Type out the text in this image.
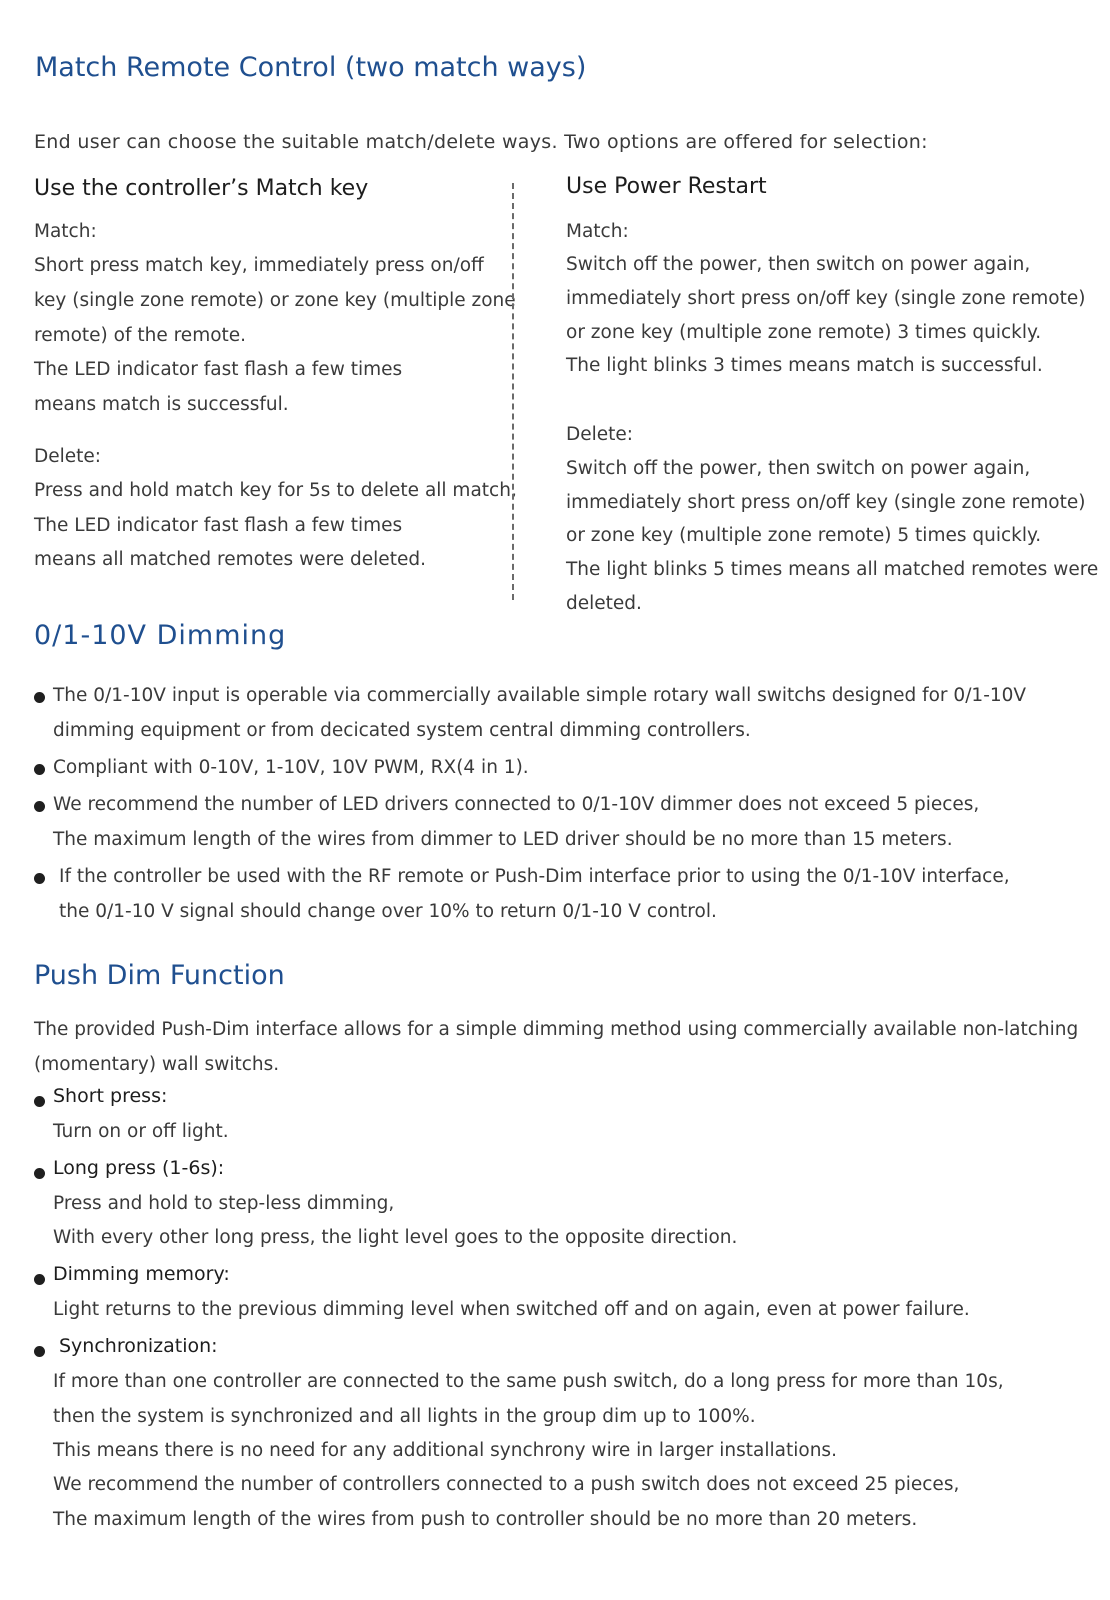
Match Remote Control (two match ways)
End user can choose the suitable match/delete ways. Two options are offered for selection:
Use the controller’s Match key
Match:
Short press match key, immediately press on/off
key (single zone remote) or zone key (multiple zone
remote) of the remote.
The LED indicator fast flash a few times
means match is successful.
Delete:
Press and hold match key for 5s to delete all match,
The LED indicator fast flash a few times
means all matched remotes were deleted.
Use Power Restart
Match:
Switch off the power, then switch on power again,
immediately short press on/off key (single zone remote)
or zone key (multiple zone remote) 3 times quickly.
The light blinks 3 times means match is successful.
Delete:
Switch off the power, then switch on power again,
immediately short press on/off key (single zone remote)
or zone key (multiple zone remote) 5 times quickly.
The light blinks 5 times means all matched remotes were
deleted.
0/1-10V Dimming
The 0/1-10V input is operable via commercially available simple rotary wall switchs designed for 0/1-10V
dimming equipment or from decicated system central dimming controllers.
Compliant with 0-10V, 1-10V, 10V PWM, RX(4 in 1).
We recommend the number of LED drivers connected to 0/1-10V dimmer does not exceed 5 pieces,
The maximum length of the wires from dimmer to LED driver should be no more than 15 meters.
If the controller be used with the RF remote or Push-Dim interface prior to using the 0/1-10V interface,
the 0/1-10 V signal should change over 10% to return 0/1-10 V control.
Push Dim Function
The provided Push-Dim interface allows for a simple dimming method using commercially available non-latching
(momentary) wall switchs.
Short press:
Turn on or off light.
Long press (1-6s):
Press and hold to step-less dimming,
With every other long press, the light level goes to the opposite direction.
Dimming memory:
Light returns to the previous dimming level when switched off and on again, even at power failure.
Synchronization:
If more than one controller are connected to the same push switch, do a long press for more than 10s,
then the system is synchronized and all lights in the group dim up to 100%.
This means there is no need for any additional synchrony wire in larger installations.
We recommend the number of controllers connected to a push switch does not exceed 25 pieces,
The maximum length of the wires from push to controller should be no more than 20 meters.
